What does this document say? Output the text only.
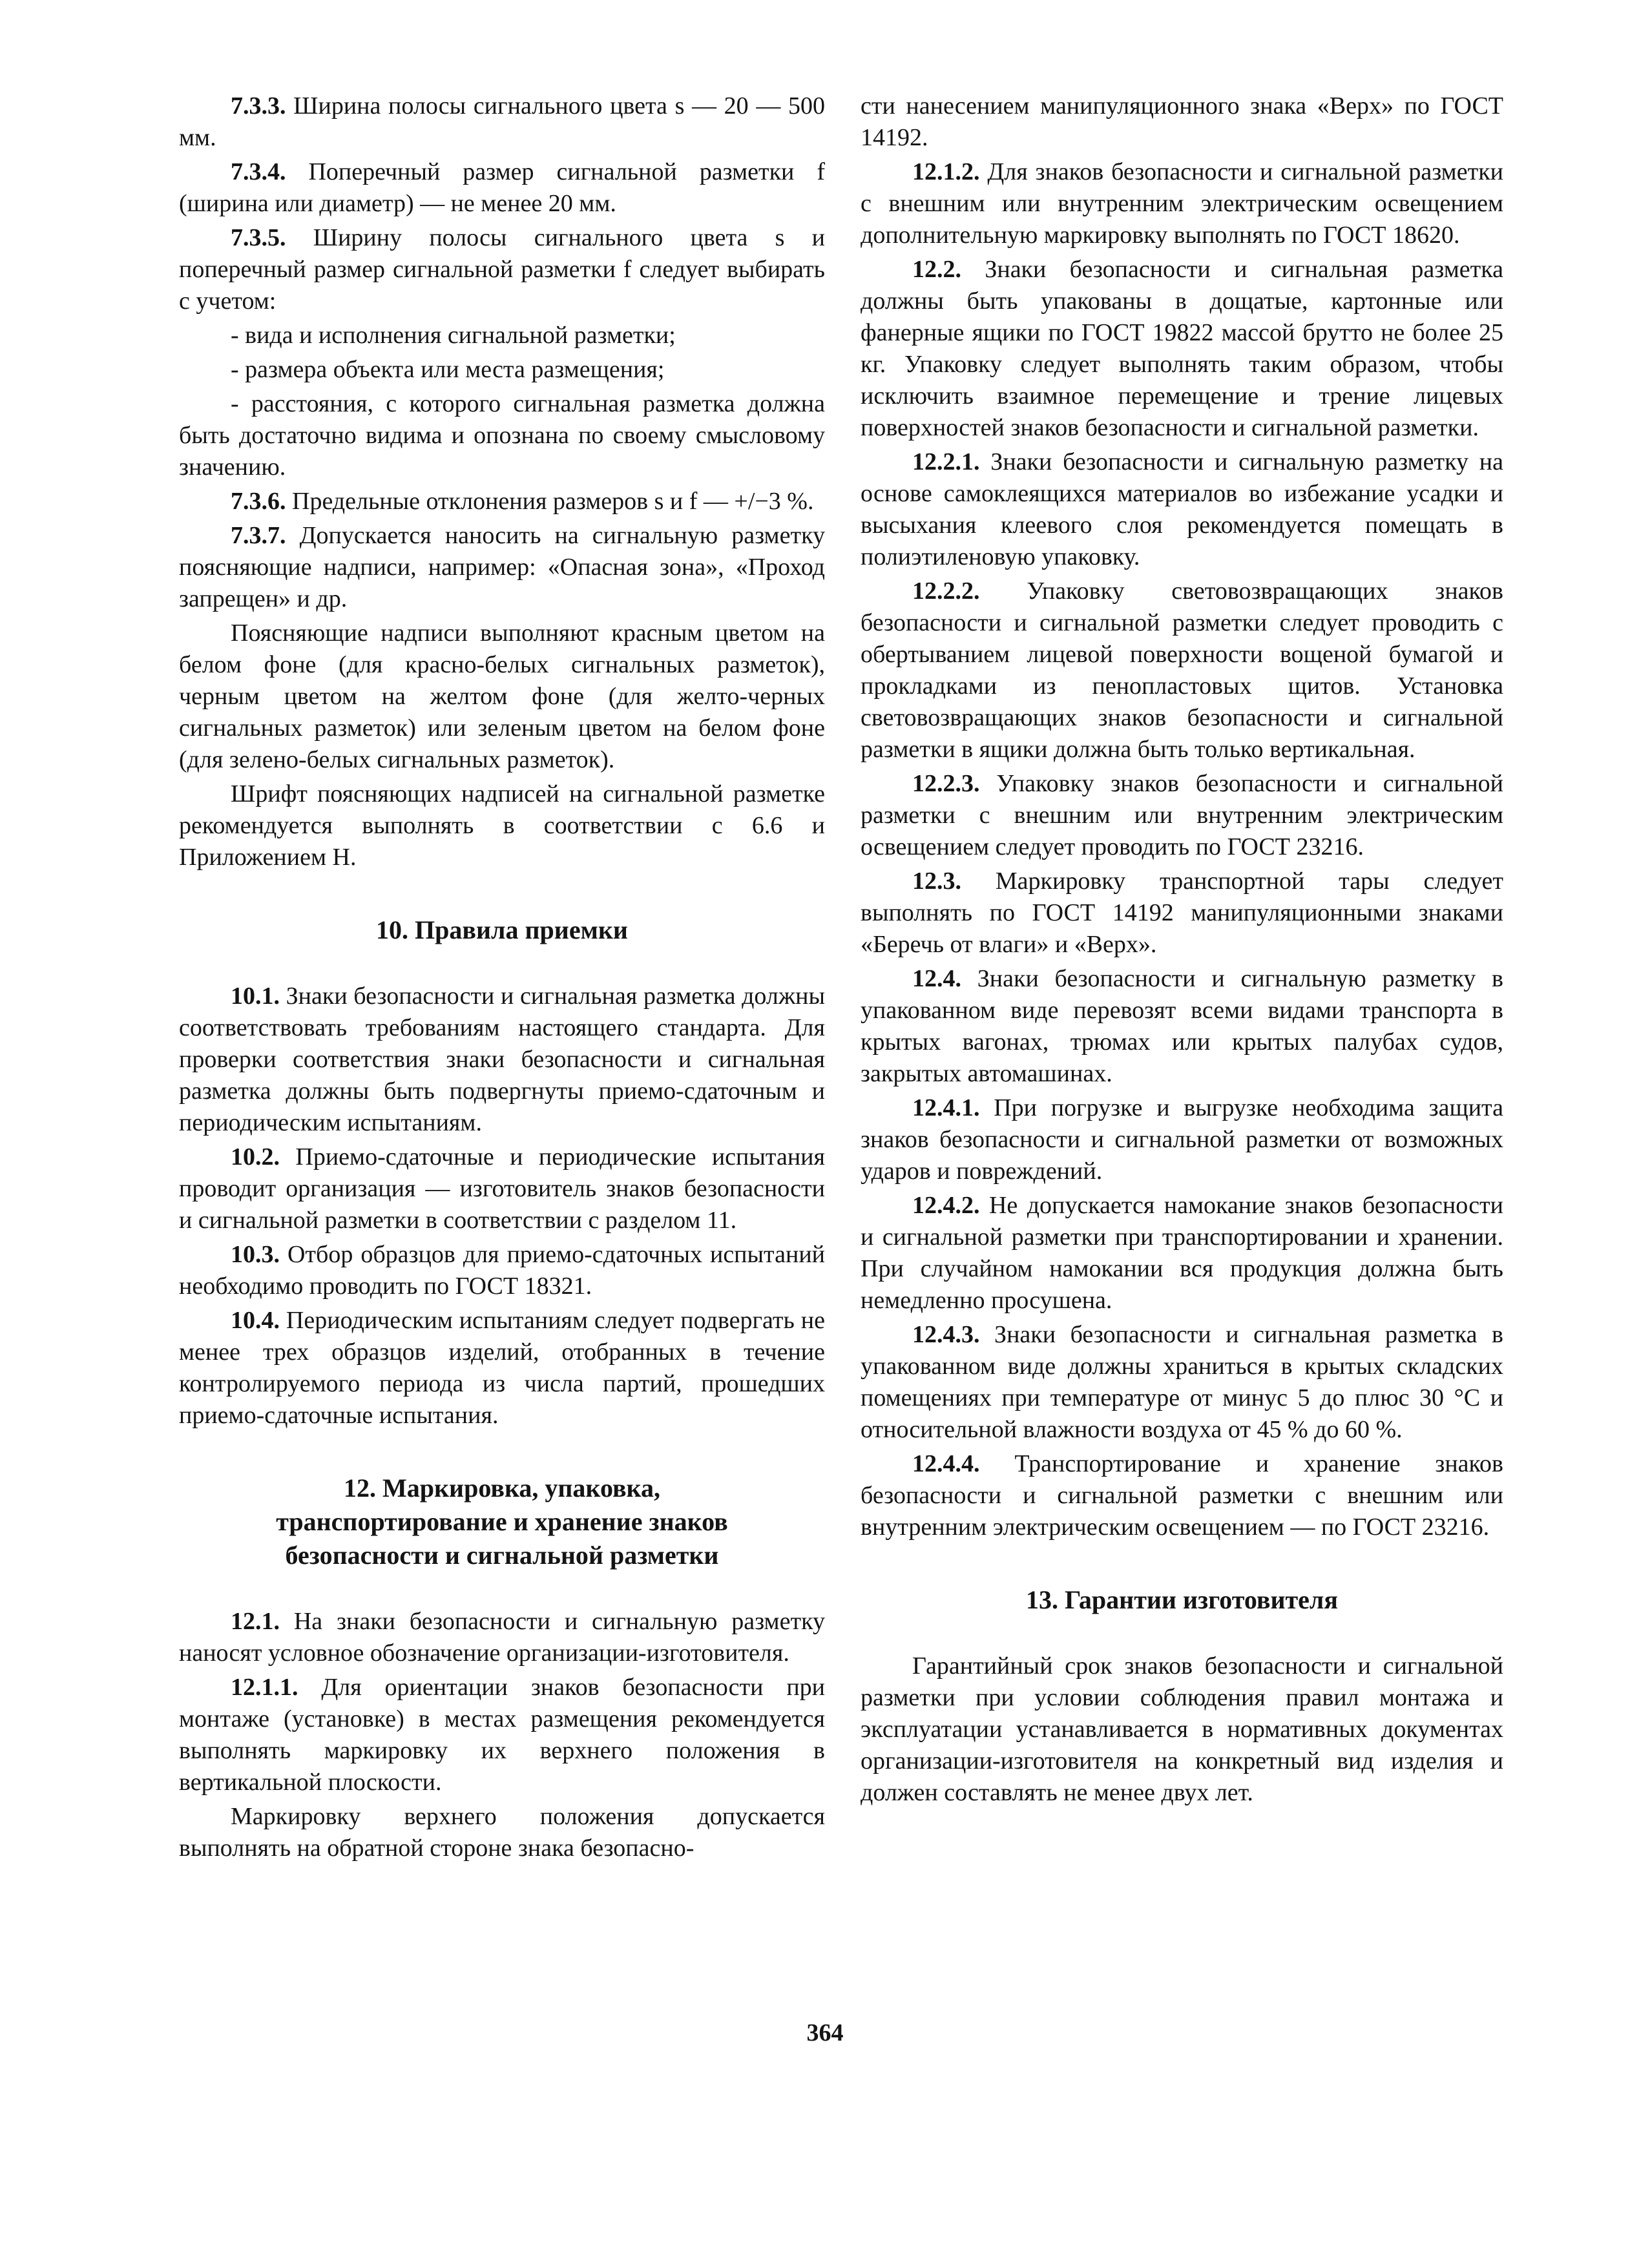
7.3.3. Ширина полосы сигнального цвета s — 20 — 500 мм.

7.3.4. Поперечный размер сигнальной разметки f (ширина или диаметр) — не менее 20 мм.

7.3.5. Ширину полосы сигнального цвета s и поперечный размер сигнальной разметки f следует выбирать с учетом:

- вида и исполнения сигнальной разметки;

- размера объекта или места размещения;

- расстояния, с которого сигнальная разметка должна быть достаточно видима и опознана по своему смысловому значению.

7.3.6. Предельные отклонения размеров s и f — +/−3 %.

7.3.7. Допускается наносить на сигнальную разметку поясняющие надписи, например: «Опасная зона», «Проход запрещен» и др.

Поясняющие надписи выполняют красным цветом на белом фоне (для красно-белых сигнальных разметок), черным цветом на желтом фоне (для желто-черных сигнальных разметок) или зеленым цветом на белом фоне (для зелено-белых сигнальных разметок).

Шрифт поясняющих надписей на сигнальной разметке рекомендуется выполнять в соответствии с 6.6 и Приложением Н.

10. Правила приемки

10.1. Знаки безопасности и сигнальная разметка должны соответствовать требованиям настоящего стандарта. Для проверки соответствия знаки безопасности и сигнальная разметка должны быть подвергнуты приемо-сдаточным и периодическим испытаниям.

10.2. Приемо-сдаточные и периодические испытания проводит организация — изготовитель знаков безопасности и сигнальной разметки в соответствии с разделом 11.

10.3. Отбор образцов для приемо-сдаточных испытаний необходимо проводить по ГОСТ 18321.

10.4. Периодическим испытаниям следует подвергать не менее трех образцов изделий, отобранных в течение контролируемого периода из числа партий, прошедших приемо-сдаточные испытания.

12. Маркировка, упаковка,
транспортирование и хранение знаков
безопасности и сигнальной разметки

12.1. На знаки безопасности и сигнальную разметку наносят условное обозначение организации-изготовителя.

12.1.1. Для ориентации знаков безопасности при монтаже (установке) в местах размещения рекомендуется выполнять маркировку их верхнего положения в вертикальной плоскости.

Маркировку верхнего положения допускается выполнять на обратной стороне знака безопасно-

сти нанесением манипуляционного знака «Верх» по ГОСТ 14192.

12.1.2. Для знаков безопасности и сигнальной разметки с внешним или внутренним электрическим освещением дополнительную маркировку выполнять по ГОСТ 18620.

12.2. Знаки безопасности и сигнальная разметка должны быть упакованы в дощатые, картонные или фанерные ящики по ГОСТ 19822 массой брутто не более 25 кг. Упаковку следует выполнять таким образом, чтобы исключить взаимное перемещение и трение лицевых поверхностей знаков безопасности и сигнальной разметки.

12.2.1. Знаки безопасности и сигнальную разметку на основе самоклеящихся материалов во избежание усадки и высыхания клеевого слоя рекомендуется помещать в полиэтиленовую упаковку.

12.2.2. Упаковку световозвращающих знаков безопасности и сигнальной разметки следует проводить с обертыванием лицевой поверхности вощеной бумагой и прокладками из пенопластовых щитов. Установка световозвращающих знаков безопасности и сигнальной разметки в ящики должна быть только вертикальная.

12.2.3. Упаковку знаков безопасности и сигнальной разметки с внешним или внутренним электрическим освещением следует проводить по ГОСТ 23216.

12.3. Маркировку транспортной тары следует выполнять по ГОСТ 14192 манипуляционными знаками «Беречь от влаги» и «Верх».

12.4. Знаки безопасности и сигнальную разметку в упакованном виде перевозят всеми видами транспорта в крытых вагонах, трюмах или крытых палубах судов, закрытых автомашинах.

12.4.1. При погрузке и выгрузке необходима защита знаков безопасности и сигнальной разметки от возможных ударов и повреждений.

12.4.2. Не допускается намокание знаков безопасности и сигнальной разметки при транспортировании и хранении. При случайном намокании вся продукция должна быть немедленно просушена.

12.4.3. Знаки безопасности и сигнальная разметка в упакованном виде должны храниться в крытых складских помещениях при температуре от минус 5 до плюс 30 °С и относительной влажности воздуха от 45 % до 60 %.

12.4.4. Транспортирование и хранение знаков безопасности и сигнальной разметки с внешним или внутренним электрическим освещением — по ГОСТ 23216.

13. Гарантии изготовителя

Гарантийный срок знаков безопасности и сигнальной разметки при условии соблюдения правил монтажа и эксплуатации устанавливается в нормативных документах организации-изготовителя на конкретный вид изделия и должен составлять не менее двух лет.

364
